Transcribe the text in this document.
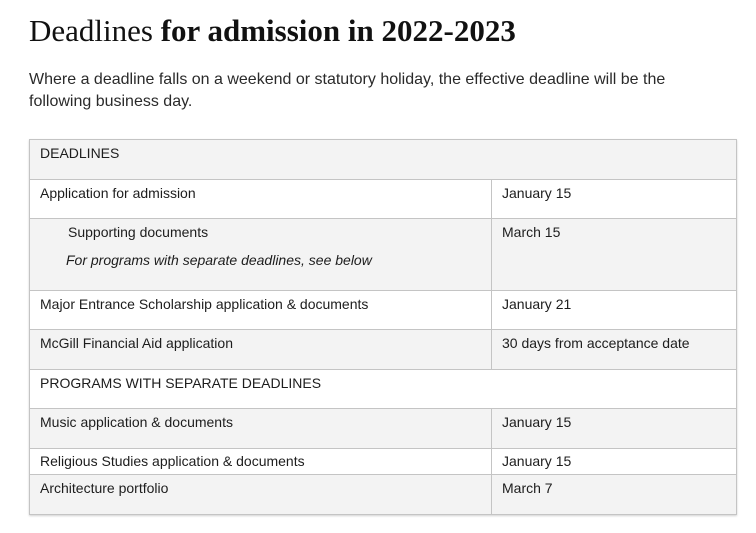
Deadlines for admission in 2022-2023

Where a deadline falls on a weekend or statutory holiday, the effective deadline will be the following business day.

DEADLINES	

Application for admission	January 15

Supporting documents
For programs with separate deadlines, see below	March 15

Major Entrance Scholarship application & documents	January 21

McGill Financial Aid application	30 days from acceptance date

PROGRAMS WITH SEPARATE DEADLINES	

Music application & documents	January 15

Religious Studies application & documents	January 15

Architecture portfolio	March 7
